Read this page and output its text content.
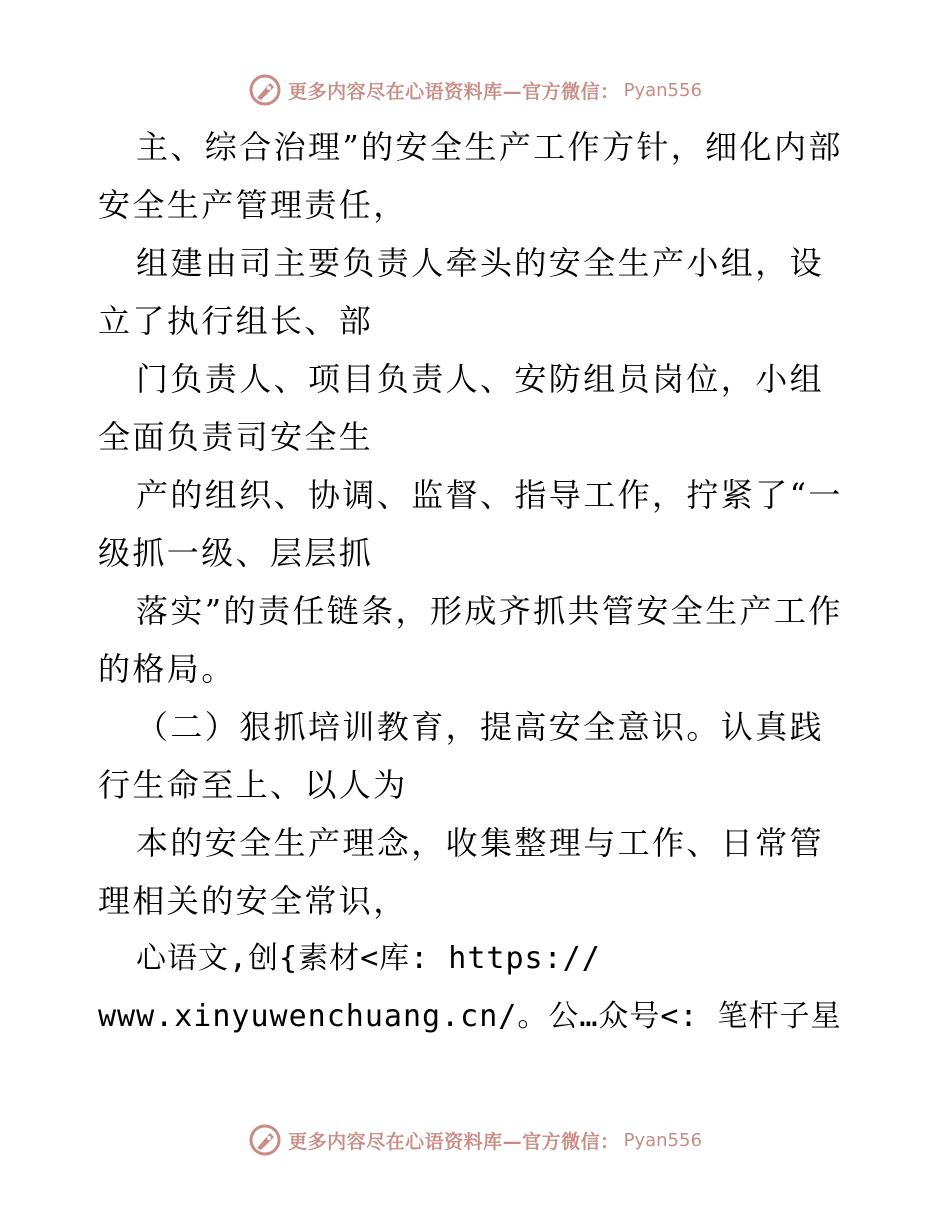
更多内容尽在心语资料库—官方微信： Pyan556

主、综合治理”的安全生产工作方针，细化内部安全生产管理责任，

组建由司主要负责人牵头的安全生产小组，设立了执行组长、部

门负责人、项目负责人、安防组员岗位，小组全面负责司安全生

产的组织、协调、监督、指导工作，拧紧了“一级抓一级、层层抓

落实”的责任链条，形成齐抓共管安全生产工作的格局。

（二）狠抓培训教育，提高安全意识。认真践行生命至上、以人为

本的安全生产理念，收集整理与工作、日常管理相关的安全常识，

心语文,创{素材<库: https://

www.xinyuwenchuang.cn/。公…众号<: 笔杆子星

更多内容尽在心语资料库—官方微信： Pyan556
